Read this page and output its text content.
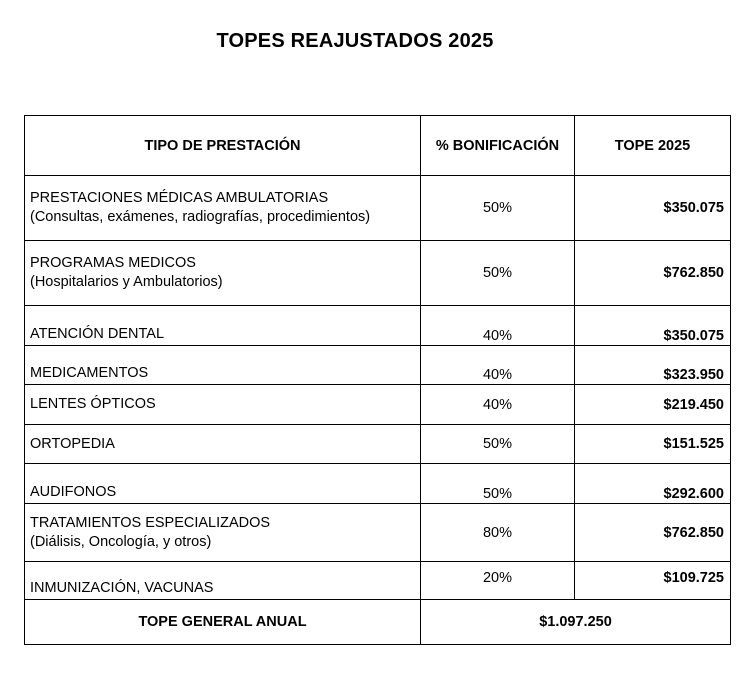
TOPES REAJUSTADOS 2025
TIPO DE PRESTACIÓN	% BONIFICACIÓN	TOPE 2025
PRESTACIONES MÉDICAS AMBULATORIAS
(Consultas, exámenes, radiografías, procedimientos)	50%	$350.075
PROGRAMAS MEDICOS
(Hospitalarios y Ambulatorios)	50%	$762.850
ATENCIÓN DENTAL	40%	$350.075
MEDICAMENTOS	40%	$323.950
LENTES ÓPTICOS	40%	$219.450
ORTOPEDIA	50%	$151.525
AUDIFONOS	50%	$292.600
TRATAMIENTOS ESPECIALIZADOS
(Diálisis, Oncología, y otros)	80%	$762.850
INMUNIZACIÓN, VACUNAS	20%	$109.725
TOPE GENERAL ANUAL	$1.097.250	
